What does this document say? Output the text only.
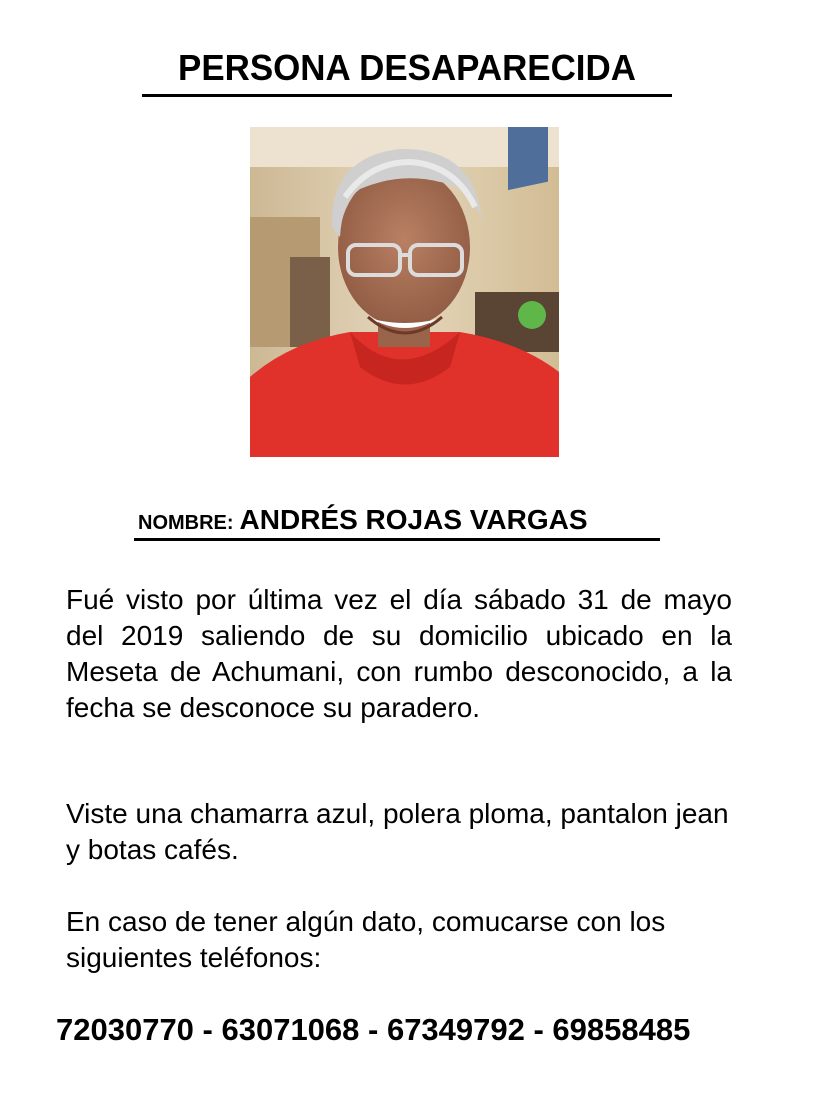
PERSONA DESAPARECIDA
NOMBRE: ANDRÉS ROJAS VARGAS
Fué visto por última vez el día sábado 31 de mayo del 2019 saliendo de su domicilio ubicado en la Meseta de Achumani, con rumbo desconocido, a la fecha se desconoce su paradero.
Viste una chamarra azul, polera ploma, pantalon jean y botas cafés.
En caso de tener algún dato, comucarse con los siguientes teléfonos:
72030770 - 63071068 - 67349792 - 69858485
